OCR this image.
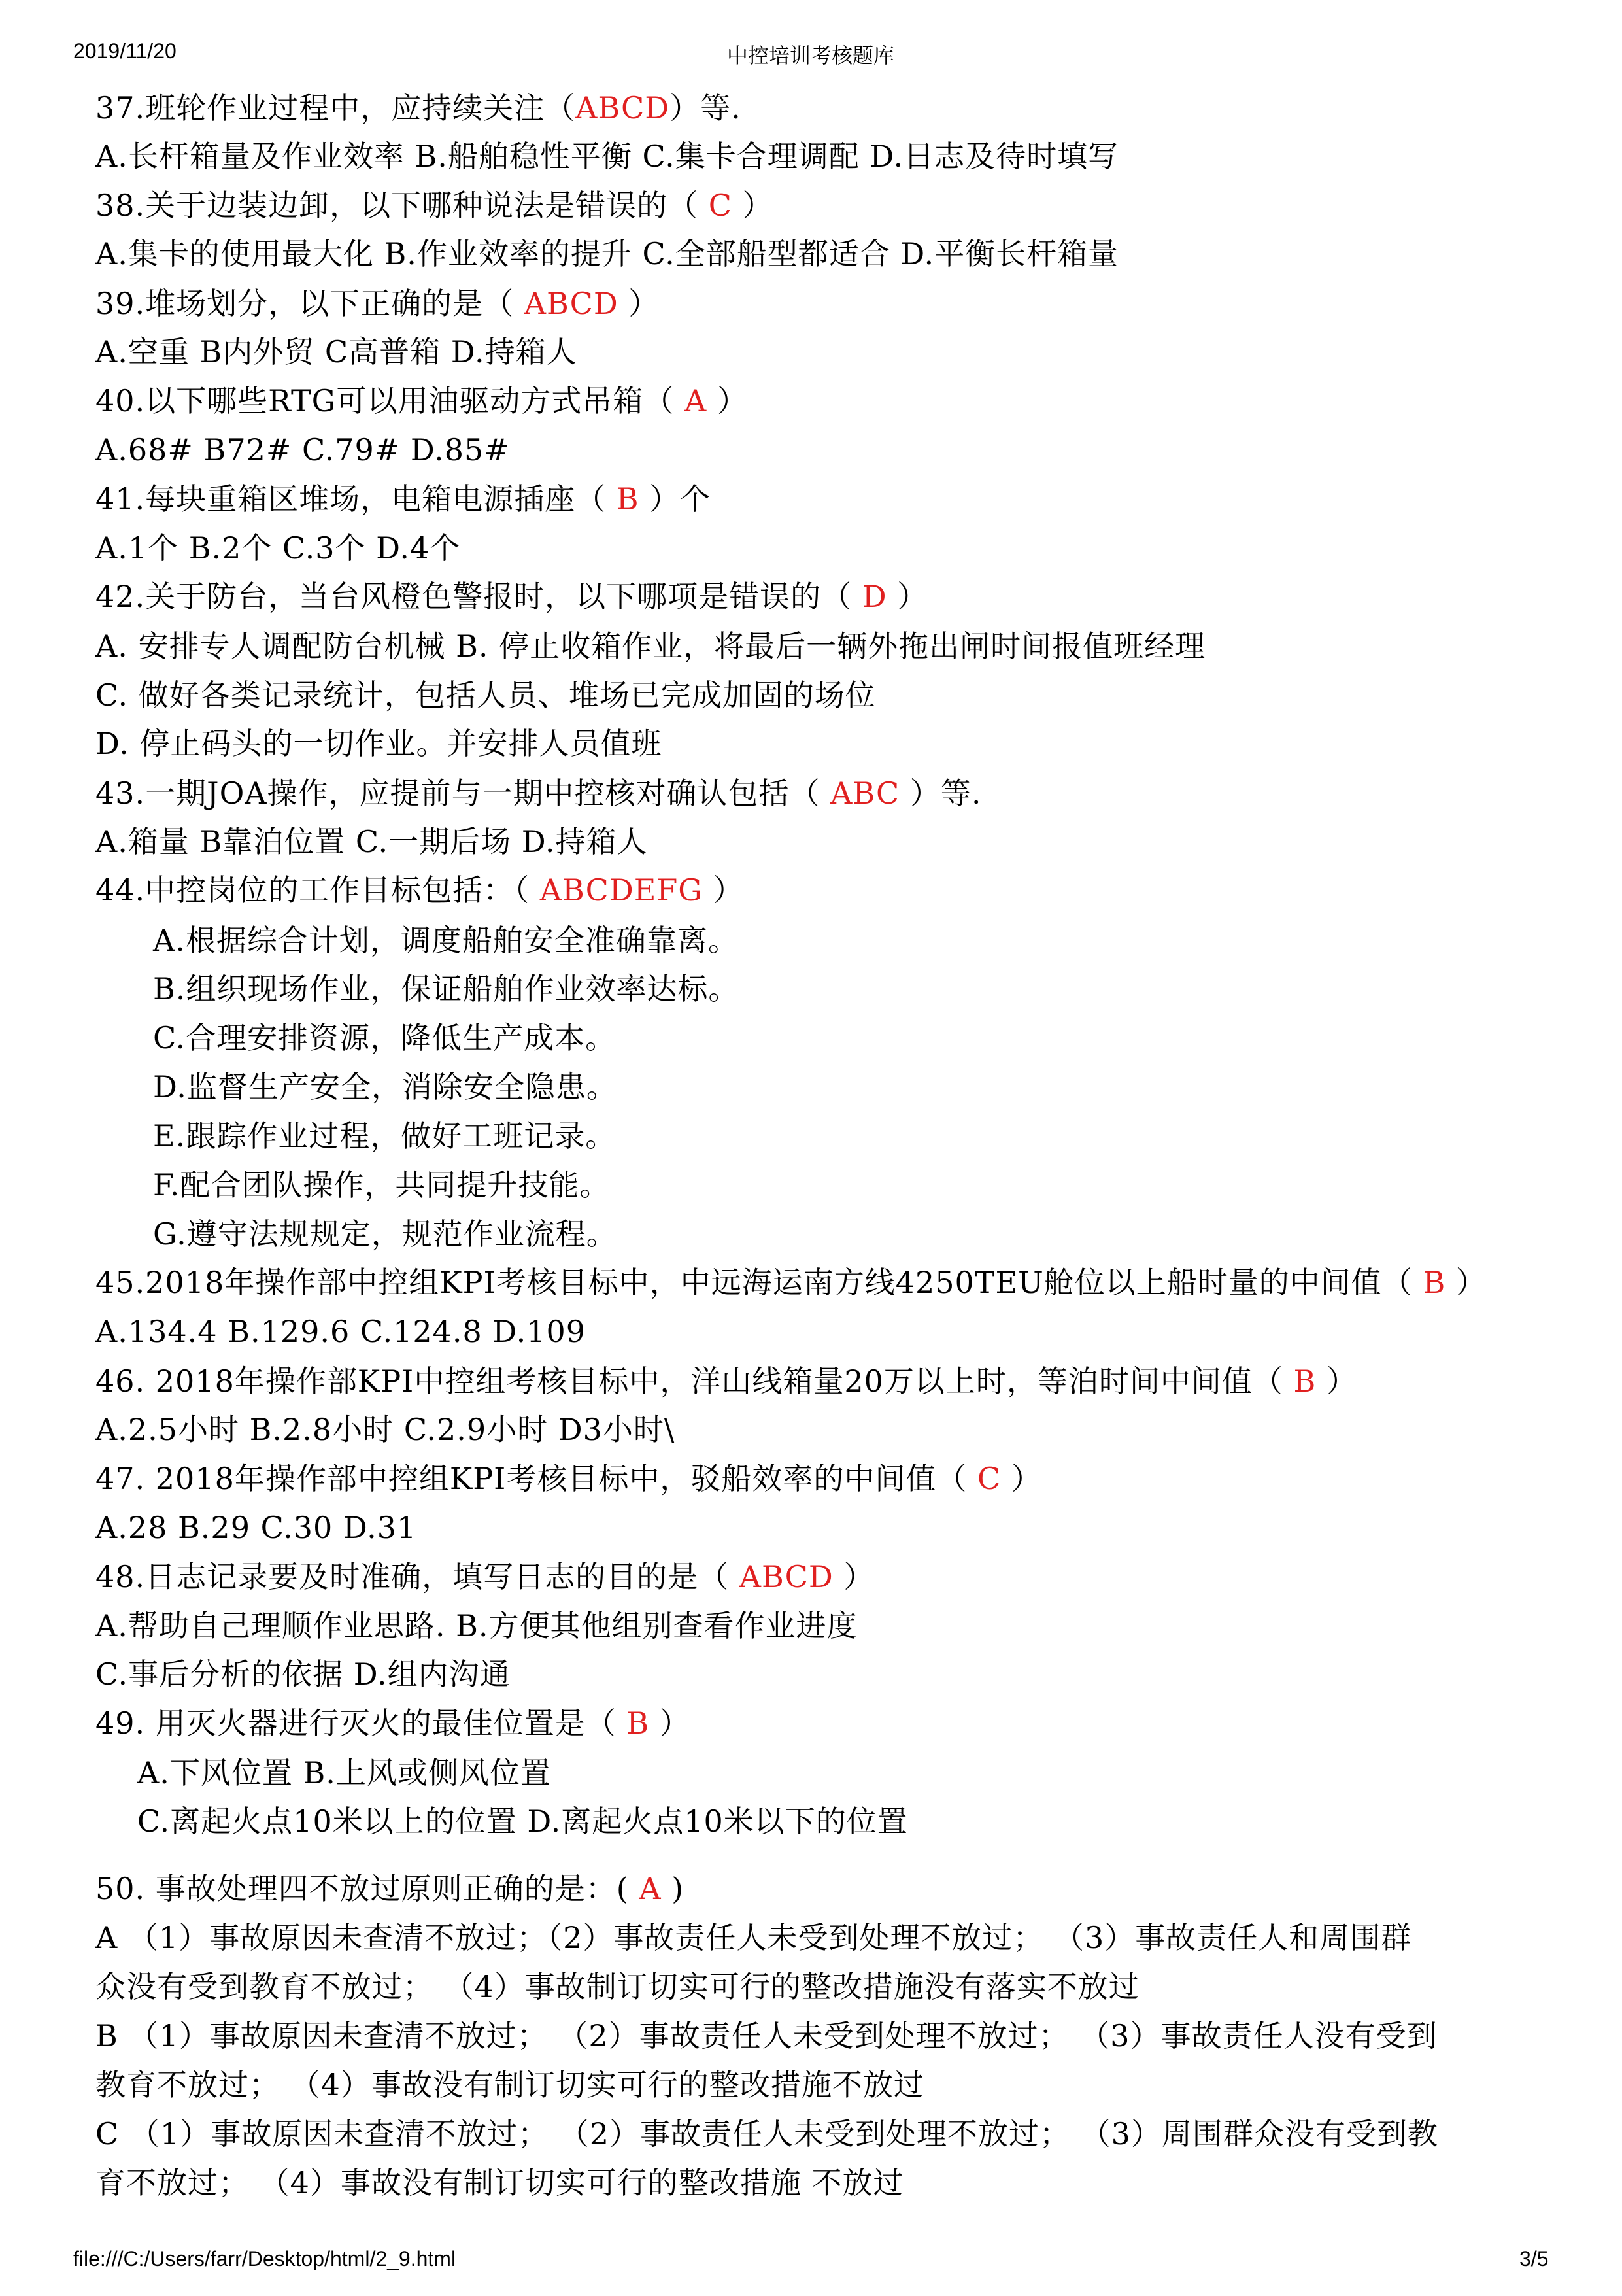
2019/11/20	中控培训考核题库
37.班轮作业过程中，应持续关注（ABCD）等.
A.长杆箱量及作业效率 B.船舶稳性平衡 C.集卡合理调配 D.日志及待时填写
38.关于边装边卸，以下哪种说法是错误的（ C ）
A.集卡的使用最大化 B.作业效率的提升 C.全部船型都适合 D.平衡长杆箱量
39.堆场划分，以下正确的是（ ABCD ）
A.空重 B内外贸 C高普箱 D.持箱人
40.以下哪些RTG可以用油驱动方式吊箱（ A ）
A.68# B72# C.79# D.85#
41.每块重箱区堆场，电箱电源插座（ B ）个
A.1个 B.2个 C.3个 D.4个
42.关于防台，当台风橙色警报时，以下哪项是错误的（ D ）
A. 安排专人调配防台机械 B. 停止收箱作业，将最后一辆外拖出闸时间报值班经理
C. 做好各类记录统计，包括人员、堆场已完成加固的场位
D. 停止码头的一切作业。并安排人员值班
43.一期JOA操作，应提前与一期中控核对确认包括（ ABC ）等.
A.箱量 B靠泊位置 C.一期后场 D.持箱人
44.中控岗位的工作目标包括：（ ABCDEFG ）
A.根据综合计划，调度船舶安全准确靠离。
B.组织现场作业，保证船舶作业效率达标。
C.合理安排资源，降低生产成本。
D.监督生产安全，消除安全隐患。
E.跟踪作业过程，做好工班记录。
F.配合团队操作，共同提升技能。
G.遵守法规规定，规范作业流程。
45.2018年操作部中控组KPI考核目标中，中远海运南方线4250TEU舱位以上船时量的中间值（ B ）
A.134.4 B.129.6 C.124.8 D.109
46. 2018年操作部KPI中控组考核目标中，洋山线箱量20万以上时，等泊时间中间值（ B ）
A.2.5小时 B.2.8小时 C.2.9小时 D3小时\
47. 2018年操作部中控组KPI考核目标中，驳船效率的中间值（ C ）
A.28 B.29 C.30 D.31
48.日志记录要及时准确，填写日志的目的是（ ABCD ）
A.帮助自己理顺作业思路. B.方便其他组别查看作业进度
C.事后分析的依据 D.组内沟通
49. 用灭火器进行灭火的最佳位置是（ B ）
A.下风位置 B.上风或侧风位置
C.离起火点10米以上的位置 D.离起火点10米以下的位置
50. 事故处理四不放过原则正确的是：( A )
A （1）事故原因未查清不放过；（2）事故责任人未受到处理不放过； （3）事故责任人和周围群
众没有受到教育不放过； （4）事故制订切实可行的整改措施没有落实不放过
B （1）事故原因未查清不放过； （2）事故责任人未受到处理不放过； （3）事故责任人没有受到
教育不放过； （4）事故没有制订切实可行的整改措施不放过
C （1）事故原因未查清不放过； （2）事故责任人未受到处理不放过； （3）周围群众没有受到教
育不放过； （4）事故没有制订切实可行的整改措施 不放过
file:///C:/Users/farr/Desktop/html/2_9.html	3/5
